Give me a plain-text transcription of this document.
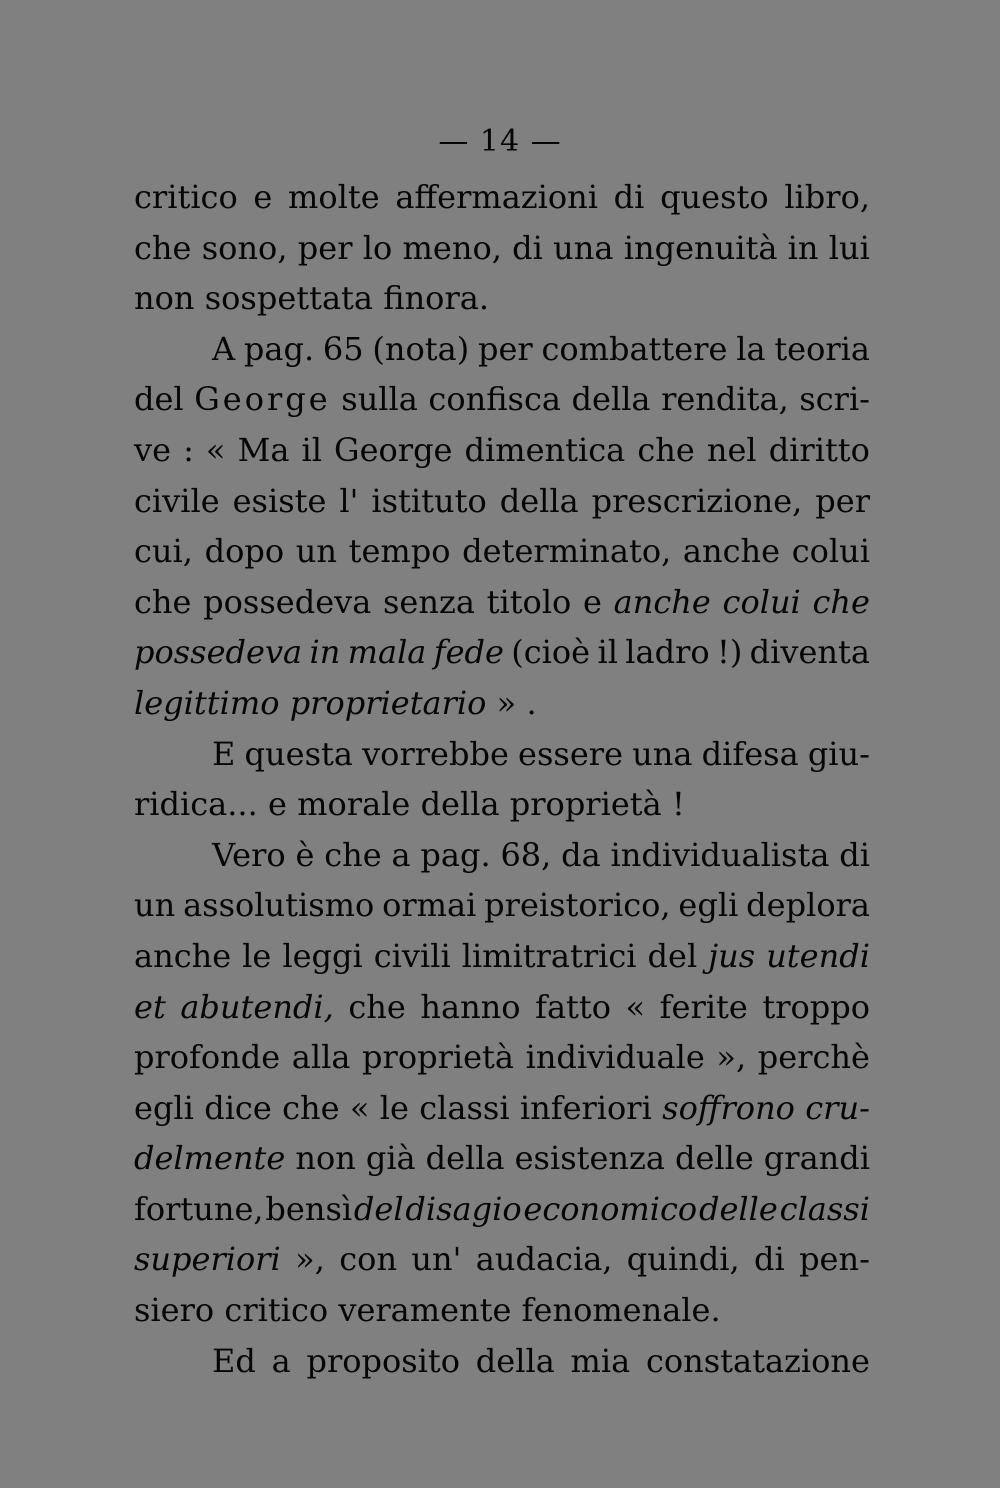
— 14 —
critico e molte affermazioni di questo libro,
che sono, per lo meno, di una ingenuità in lui
non sospettata finora.
A pag. 65 (nota) per combattere la teoria
del George sulla confisca della rendita, scri-
ve : « Ma il George dimentica che nel diritto
civile esiste l' istituto della prescrizione, per
cui, dopo un tempo determinato, anche colui
che possedeva senza titolo e anche colui che
possedeva in mala fede (cioè il ladro !) diventa
legittimo proprietario » .
E questa vorrebbe essere una difesa giu-
ridica... e morale della proprietà !
Vero è che a pag. 68, da individualista di
un assolutismo ormai preistorico, egli deplora
anche le leggi civili limitratrici del jus utendi
et abutendi, che hanno fatto « ferite troppo
profonde alla proprietà individuale », perchè
egli dice che « le classi inferiori soffrono cru-
delmente non già della esistenza delle grandi
fortune, bensì del disagio economico delle classi
superiori », con un' audacia, quindi, di pen-
siero critico veramente fenomenale.
Ed a proposito della mia constatazione
